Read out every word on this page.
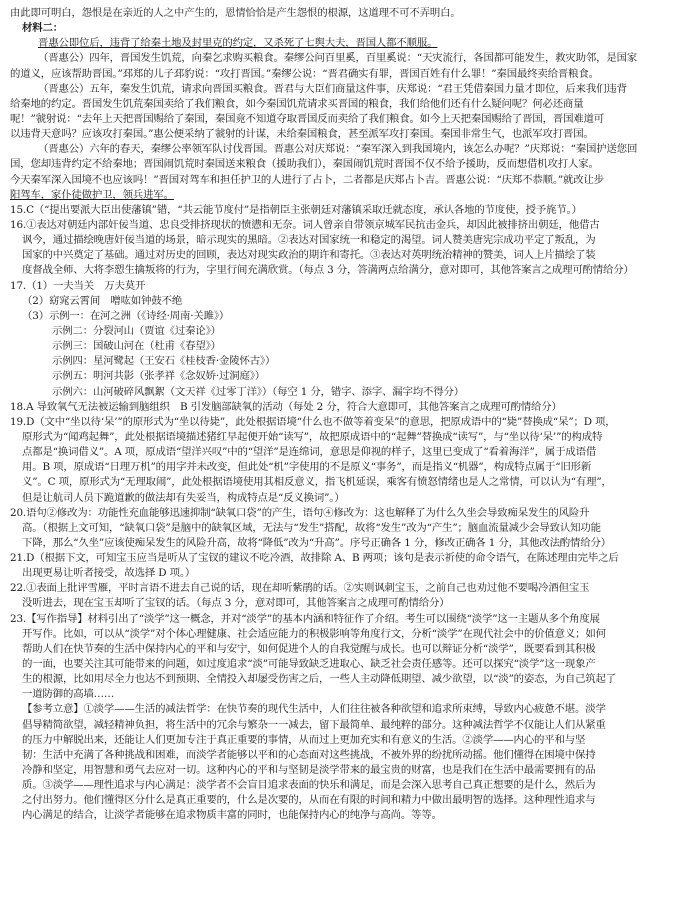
由此即可明白，怨恨是在亲近的人之中产生的，恩情恰恰是产生怨恨的根源，这道理不可不弄明白。
材料二：
晋惠公即位后，违背了给秦土地及封里克的约定，又杀死了七舆大夫，晋国人都不顺服。
（晋惠公）四年，晋国发生饥荒，向秦乞求购买粮食。秦缪公问百里奚，百里奚说：“天灾流行，各国都可能发生，救灾助邻，是国家
的道义，应该帮助晋国。”邳郑的儿子邳豹说：“攻打晋国。”秦缪公说：“晋君确实有罪，晋国百姓有什么罪！”秦国最终卖给晋粮食。
（晋惠公）五年，秦发生饥荒，请求向晋国买粮食。晋君与大臣们商量这件事，庆郑说：“君王凭借秦国力量才即位，后来我们违背
给秦地的约定。晋国发生饥荒秦国卖给了我们粮食，如今秦国饥荒请求买晋国的粮食，我们给他们还有什么疑问呢？何必还商量
呢！”虢射说：“去年上天把晋国赐给了秦国，秦国竟不知道夺取晋国反而卖给了我们粮食。如今上天把秦国赐给了晋国，晋国难道可
以违背天意吗？应该攻打秦国。”惠公便采纳了虢射的计谋，未给秦国粮食，甚至派军攻打秦国。秦国非常生气，也派军攻打晋国。
（晋惠公）六年的春天，秦缪公率领军队讨伐晋国。晋惠公对庆郑说：“秦军深入到我国境内，该怎么办呢？”庆郑说：“秦国护送您回
国，您却违背约定不给秦地；晋国闹饥荒时秦国送来粮食（援助我们），秦国闹饥荒时晋国不仅不给予援助，反而想借机攻打人家。
今天秦军深入国境不也应该吗！”晋国对驾车和担任护卫的人进行了占卜，二者都是庆郑占卜吉。晋惠公说：“庆郑不恭顺。”就改让步
阳驾车，家仆徒做护卫，领兵进军。
15.C（“提出要派大臣出使藩镇”错，“共云能节度付”是指朝臣主张朝廷对藩镇采取迁就态度，承认各地的节度使，授予旄节。）
16.①表达对朝廷内部奸佞当道、忠良受排挤现状的愤懑和无奈。词人曾亲自带领京城军民抗击金兵，却因此被排挤出朝廷，他借古
讽今，通过描绘晚唐奸佞当道的场景，暗示现实的黑暗。②表达对国家统一和稳定的渴望。词人赞美唐宪宗成功平定了叛乱，为
国家的中兴奠定了基础。通过对历史的回顾，表达对现实政治的期许和寄托。③表达对英明统治精神的赞美，词人上片描绘了装
度督战全师、大将李愬生擒叛将的行为，字里行间充满欣赏。（每点 3 分，答满两点给满分，意对即可，其他答案言之成理可酌情给分）
17.（1）一夫当关　万夫莫开
（2）窈窕云霄间　噌吰如钟鼓不绝
（3）示例一：在河之洲（《诗经·周南·关雎》）
示例二：分裂河山（贾谊《过秦论》）
示例三：国破山河在（杜甫《春望》）
示例四：星河鹭起（王安石《桂枝香·金陵怀古》）
示例五：明河共影（张孝祥《念奴娇·过洞庭》）
示例六：山河破碎风飘絮（文天祥《过零丁洋》）（每空 1 分，错字、添字、漏字均不得分）
18.A 导致氧气无法被运输到脑组织　B 引发脑部缺氧的活动（每处 2 分，符合大意即可，其他答案言之成理可酌情给分）
19.D（文中“坐以待‘呆’”的原形式为“坐以待毙”，此处根据语境“什么也不做等着变呆”的意思，把原成语中的“毙”替换成“呆”；D 项，
原形式为“闻鸡起舞”，此处根据语境描述猪红早起便开始“读写”，故把原成语中的“起舞”替换成“读写”，与“坐以待‘呆’”的构成特
点都是“换词借义”。A 项，原成语“望洋兴叹”中的“望洋”是连绵词，意思是仰视的样子，这里已变成了“看着海洋”，属于成语借
用。B 项，原成语“日理万机”的用字并未改变，但此处“机”字使用的不是原义“事务”，而是指义“机器”，构成特点属于“旧形新
义”。C 项，原形式为“无理取闹”，此处根据语境使用其相反意义，指飞机延误，乘客有愤怒情绪也是人之常情，可以认为“有理”，
但是让航司人员下跪道歉的做法却有失妥当，构成特点是“反义换词”。）
20.语句②修改为：功能性充血能够迅速抑制“缺氧口袋”的产生，语句④修改为：这也解释了为什么久坐会导致痴呆发生的风险升
高。（根据上文可知，“缺氧口袋”是脑中的缺氧区域，无法与“发生”搭配，故将“发生”改为“产生”；脑血流量减少会导致认知功能
下降，那么“久坐”应该使痴呆发生的风险升高，故将“降低”改为“升高”。序号正确各 1 分，修改正确各 1 分，其他改法酌情给分）
21.D（根据下文，可知宝玉应当是听从了宝钗的建议不吃冷酒，故排除 A、B 两项；该句是表示祈使的命令语气，在陈述理由完毕之后
出现更易让听者接受，故选择 D 项。）
22.①表面上批评雪雁，平时言语不进去自己说的话，现在却听紫鹃的话。②实则讽刺宝玉，之前自己也劝过他不要喝冷酒但宝玉
没听进去，现在宝玉却听了宝钗的话。（每点 3 分，意对即可，其他答案言之成理可酌情给分）
23.【写作指导】材料引出了“淡学”这一概念，并对“淡学”的基本内涵和特征作了介绍。考生可以围绕“淡学”这一主题从多个角度展
开写作。比如，可以从“淡学”对个体心理健康、社会适应能力的积极影响等角度行文，分析“淡学”在现代社会中的价值意义；如何
帮助人们在快节奏的生活中保持内心的平和与安宁，如何促进个人的自我觉醒与成长。也可以辩证分析“淡学”，既要看到其积极
的一面，也要关注其可能带来的问题，如过度追求“淡”可能导致缺乏进取心、缺乏社会责任感等。还可以探究“淡学”这一现象产
生的根源，比如用尽全力也达不到预期、全情投入却屡受伤害之后，一些人主动降低期望、减少欲望，以“淡”的姿态，为自己筑起了
一道防御的高墙……
【参考立意】①淡学——生活的减法哲学：在快节奏的现代生活中，人们往往被各种欲望和追求所束缚，导致内心疲惫不堪。淡学
倡导精简欲望，减轻精神负担，将生活中的冗余与繁杂一一减去，留下最简单、最纯粹的部分。这种减法哲学不仅能让人们从紧重
的压力中解脱出来，还能让人们更加专注于真正重要的事情，从而过上更加充实和有意义的生活。②淡学——内心的平和与坚
韧：生活中充满了各种挑战和困难，而淡学者能够以平和的心态面对这些挑战，不被外界的纷扰所动摇。他们懂得在困境中保持
冷静和坚定，用智慧和勇气去应对一切。这种内心的平和与坚韧是淡学带来的最宝贵的财富，也是我们在生活中最需要拥有的品
质。③淡学——理性追求与内心满足：淡学者不会盲目追求表面的快乐和满足，而是会深入思考自己真正想要的是什么，然后为
之付出努力。他们懂得区分什么是真正重要的，什么是次要的，从而在有限的时间和精力中做出最明智的选择。这种理性追求与
内心满足的结合，让淡学者能够在追求物质丰富的同时，也能保持内心的纯净与高尚。等等。
